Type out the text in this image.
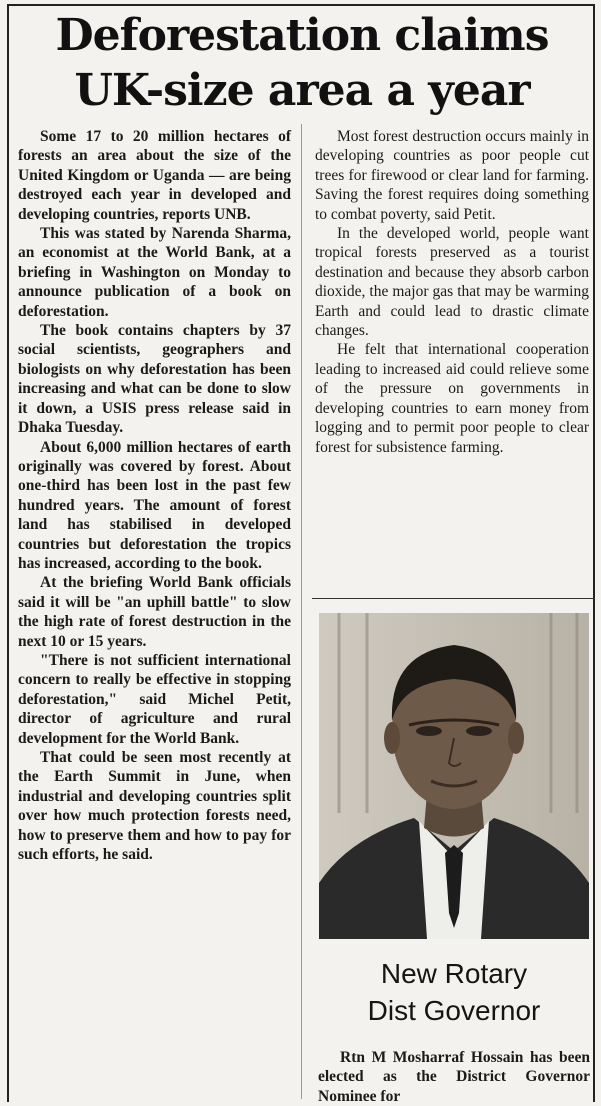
Deforestation claims
UK-size area a year

Some 17 to 20 million hectares of forests an area about the size of the United Kingdom or Uganda — are being destroyed each year in developed and developing countries, reports UNB.

This was stated by Narenda Sharma, an economist at the World Bank, at a briefing in Washington on Monday to announce publication of a book on deforestation.

The book contains chapters by 37 social scientists, geographers and biologists on why deforestation has been increasing and what can be done to slow it down, a USIS press release said in Dhaka Tuesday.

About 6,000 million hectares of earth originally was covered by forest. About one-third has been lost in the past few hundred years. The amount of forest land has stabilised in developed countries but deforestation the tropics has increased, according to the book.

At the briefing World Bank officials said it will be "an uphill battle" to slow the high rate of forest destruction in the next 10 or 15 years.

"There is not sufficient international concern to really be effective in stopping deforestation," said Michel Petit, director of agriculture and rural development for the World Bank.

That could be seen most recently at the Earth Summit in June, when industrial and developing countries split over how much protection forests need, how to preserve them and how to pay for such efforts, he said.

Most forest destruction occurs mainly in developing countries as poor people cut trees for firewood or clear land for farming. Saving the forest requires doing something to combat poverty, said Petit.

In the developed world, people want tropical forests preserved as a tourist destination and because they absorb carbon dioxide, the major gas that may be warming Earth and could lead to drastic climate changes.

He felt that international cooperation leading to increased aid could relieve some of the pressure on governments in developing countries to earn money from logging and to permit poor people to clear forest for subsistence farming.

New Rotary
Dist Governor

Rtn M Mosharraf Hossain has been elected as the District Governor Nominee for
